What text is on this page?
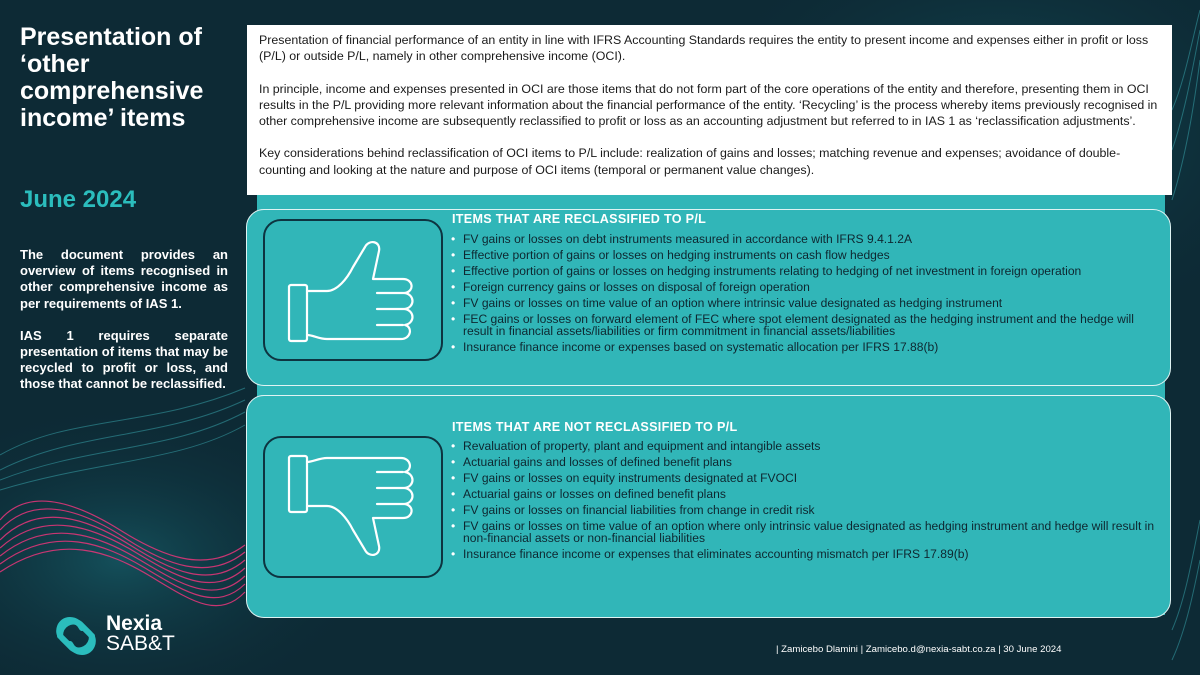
Presentation of ‘other comprehensive income’ items
June 2024

The document provides an overview of items recognised in other comprehensive income as per requirements of IAS 1.

IAS 1 requires separate presentation of items that may be recycled to profit or loss, and those that cannot be reclassified.

Nexia
SAB&T

Presentation of financial performance of an entity in line with IFRS Accounting Standards requires the entity to present income and expenses either in profit or loss (P/L) or outside P/L, namely in other comprehensive income (OCI).

In principle, income and expenses presented in OCI are those items that do not form part of the core operations of the entity and therefore, presenting them in OCI results in the P/L providing more relevant information about the financial performance of the entity. ‘Recycling’ is the process whereby items previously recognised in other comprehensive income are subsequently reclassified to profit or loss as an accounting adjustment but referred to in IAS 1 as ‘reclassification adjustments’.

Key considerations behind reclassification of OCI items to P/L include: realization of gains and losses; matching revenue and expenses; avoidance of double-counting and looking at the nature and purpose of OCI items (temporal or permanent value changes).

ITEMS THAT ARE RECLASSIFIED TO P/L
• FV gains or losses on debt instruments measured in accordance with IFRS 9.4.1.2A
• Effective portion of gains or losses on hedging instruments on cash flow hedges
• Effective portion of gains or losses on hedging instruments relating to hedging of net investment in foreign operation
• Foreign currency gains or losses on disposal of foreign operation
• FV gains or losses on time value of an option where intrinsic value designated as hedging instrument
• FEC gains or losses on forward element of FEC where spot element designated as the hedging instrument and the hedge will result in financial assets/liabilities or firm commitment in financial assets/liabilities
• Insurance finance income or expenses based on systematic allocation per IFRS 17.88(b)
ITEMS THAT ARE NOT RECLASSIFIED TO P/L
• Revaluation of property, plant and equipment and intangible assets
• Actuarial gains and losses of defined benefit plans
• FV gains or losses on equity instruments designated at FVOCI
• Actuarial gains or losses on defined benefit plans
• FV gains or losses on financial liabilities from change in credit risk
• FV gains or losses on time value of an option where only intrinsic value designated as hedging instrument and hedge will result in non-financial assets or non-financial liabilities
• Insurance finance income or expenses that eliminates accounting mismatch per IFRS 17.89(b)
| Zamicebo Dlamini | Zamicebo.d@nexia-sabt.co.za | 30 June 2024
